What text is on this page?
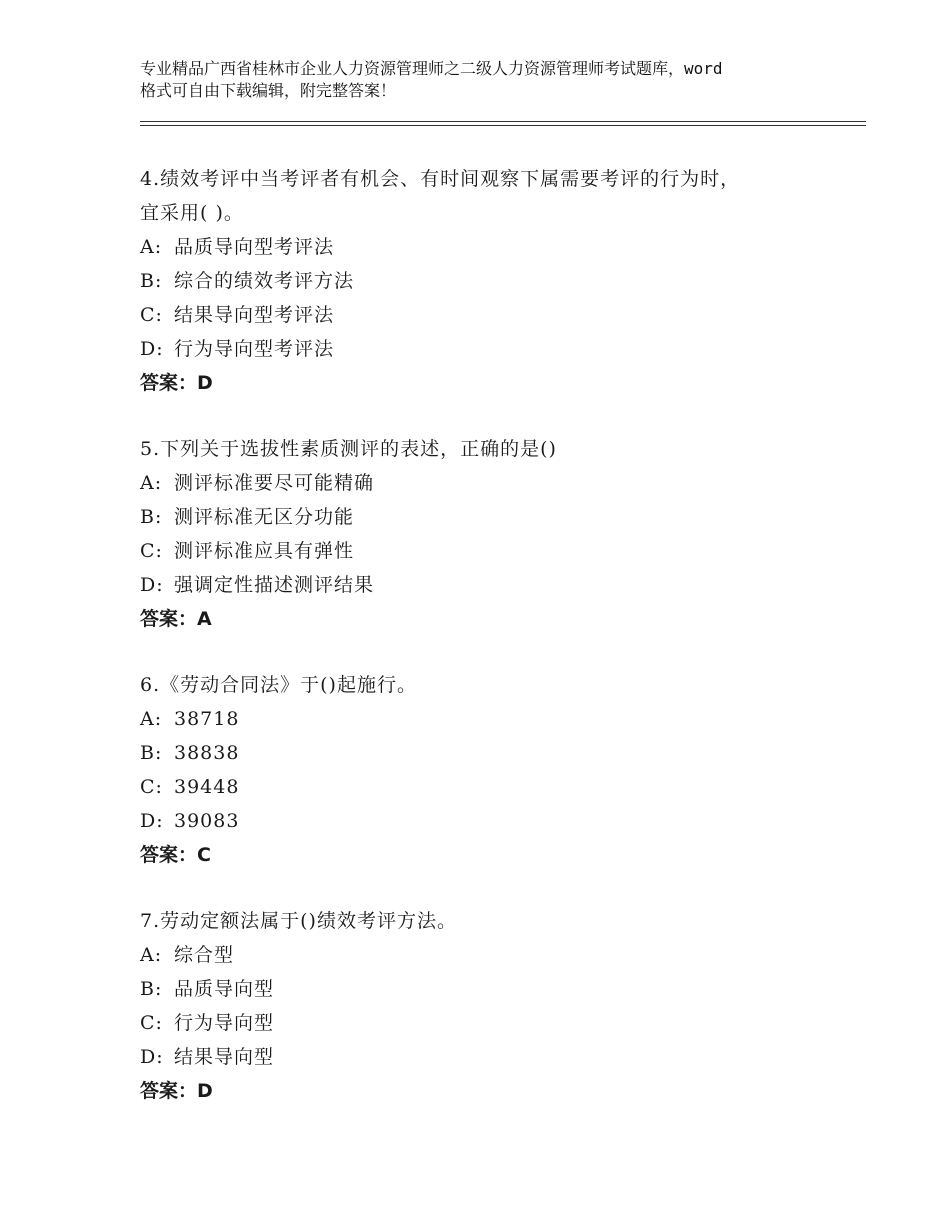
专业精品广西省桂林市企业人力资源管理师之二级人力资源管理师考试题库，word
格式可自由下载编辑，附完整答案！
4.绩效考评中当考评者有机会、有时间观察下属需要考评的行为时，
宜采用( )。
A: 品质导向型考评法
B: 综合的绩效考评方法
C: 结果导向型考评法
D: 行为导向型考评法
答案：D
5.下列关于选拔性素质测评的表述，正确的是()
A: 测评标准要尽可能精确
B: 测评标准无区分功能
C: 测评标准应具有弹性
D: 强调定性描述测评结果
答案：A
6.《劳动合同法》于()起施行。
A: 38718
B: 38838
C: 39448
D: 39083
答案：C
7.劳动定额法属于()绩效考评方法。
A: 综合型
B: 品质导向型
C: 行为导向型
D: 结果导向型
答案：D
